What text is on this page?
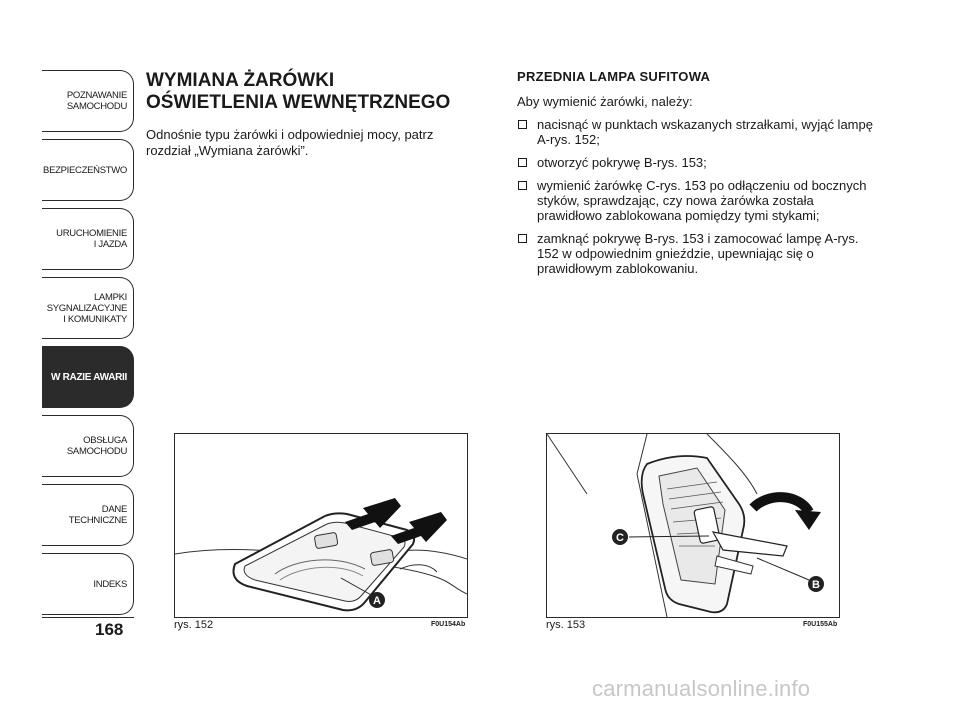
POZNAWANIE
SAMOCHODU
BEZPIECZEŃSTWO
URUCHOMIENIE
I JAZDA
LAMPKI
SYGNALIZACYJNE
I KOMUNIKATY
W RAZIE AWARII
OBSŁUGA
SAMOCHODU
DANE
TECHNICZNE
INDEKS
168
WYMIANA ŻARÓWKI
OŚWIETLENIA WEWNĘTRZNEGO

Odnośnie typu żarówki i odpowiedniej mocy, patrz rozdział „Wymiana żarówki”.

PRZEDNIA LAMPA SUFITOWA
Aby wymienić żarówki, należy:
nacisnąć w punktach wskazanych strzałkami, wyjąć lampę A-rys. 152;
otworzyć pokrywę B-rys. 153;
wymienić żarówkę C-rys. 153 po odłączeniu od bocznych styków, sprawdzając, czy nowa żarówka została prawidłowo zablokowana pomiędzy tymi stykami;
zamknąć pokrywę B-rys. 153 i zamocować lampę A-rys. 152 w odpowiednim gnieździe, upewniając się o prawidłowym zablokowaniu.
A
rys. 152	F0U154Ab
C
B
rys. 153	F0U155Ab
carmanualsonline.info
